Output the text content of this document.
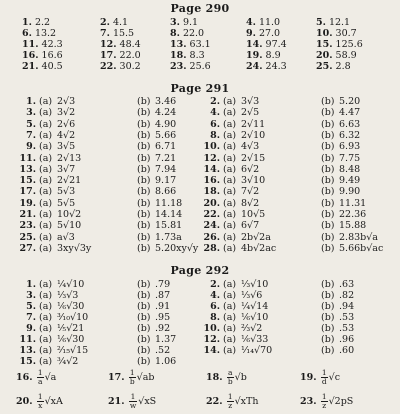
Page 290
1. 2.2	2. 4.1	3. 9.1	4. 11.0	5. 12.1
6. 13.2	7. 15.5	8. 22.0	9. 27.0	10. 30.7
11. 42.3	12. 48.4	13. 63.1	14. 97.4	15. 125.6
16. 16.6	17. 22.0	18. 8.3	19. 8.9	20. 58.9
21. 40.5	22. 30.2	23. 25.6	24. 24.3	25. 2.8
Page 291
1. (a) 2√3	(b) 3.46	2. (a) 3√3	(b) 5.20
3. (a) 3√2	(b) 4.24	4. (a) 2√5	(b) 4.47
5. (a) 2√6	(b) 4.90	6. (a) 2√11	(b) 6.63
7. (a) 4√2	(b) 5.66	8. (a) 2√10	(b) 6.32
9. (a) 3√5	(b) 6.71	10. (a) 4√3	(b) 6.93
11. (a) 2√13	(b) 7.21	12. (a) 2√15	(b) 7.75
13. (a) 3√7	(b) 7.94	14. (a) 6√2	(b) 8.48
15. (a) 2√21	(b) 9.17	16. (a) 3√10	(b) 9.49
17. (a) 5√3	(b) 8.66	18. (a) 7√2	(b) 9.90
19. (a) 5√5	(b) 11.18	20. (a) 8√2	(b) 11.31
21. (a) 10√2	(b) 14.14	22. (a) 10√5	(b) 22.36
23. (a) 5√10	(b) 15.81	24. (a) 6√7	(b) 15.88
25. (a) a√3	(b) 1.73a	26. (a) 2b√2a	(b) 2.83b√a
27. (a) 3xy√3y	(b) 5.20xy√y 28. (a) 4b√2ac	(b) 5.66b√ac
Page 292
1. (a) ¼√10	(b) .79	2. (a) ⅓√10	(b) .63
3. (a) ⅓√3	(b) .87	4. (a) ⅓√6	(b) .82
5. (a) ⅙√30	(b) .91	6. (a) ¼√14	(b) .94
7. (a) ³⁄₁₀√10	(b) .95	8. (a) ⅙√10	(b) .53
9. (a) ⅕√21	(b) .92	10. (a) ⅔√2	(b) .53
11. (a) ⅙√30	(b) 1.37	12. (a) ⅙√33	(b) .96
13. (a) ²⁄₁₅√15	(b) .52	14. (a) ¹⁄₁₄√70	(b) .60
15. (a) ¾√2	(b) 1.06
16. $\frac{1}{a} √a$	17. $\frac{1}{b} √ab$	18. $\frac{a}{b} √b$	19. $\frac{1}{d} √c$
20. $\frac{1}{x} √xA$	21. $\frac{1}{w} √xS$	22. $\frac{1}{z} √xTh$	23. $\frac{1}{z} √2pS$
